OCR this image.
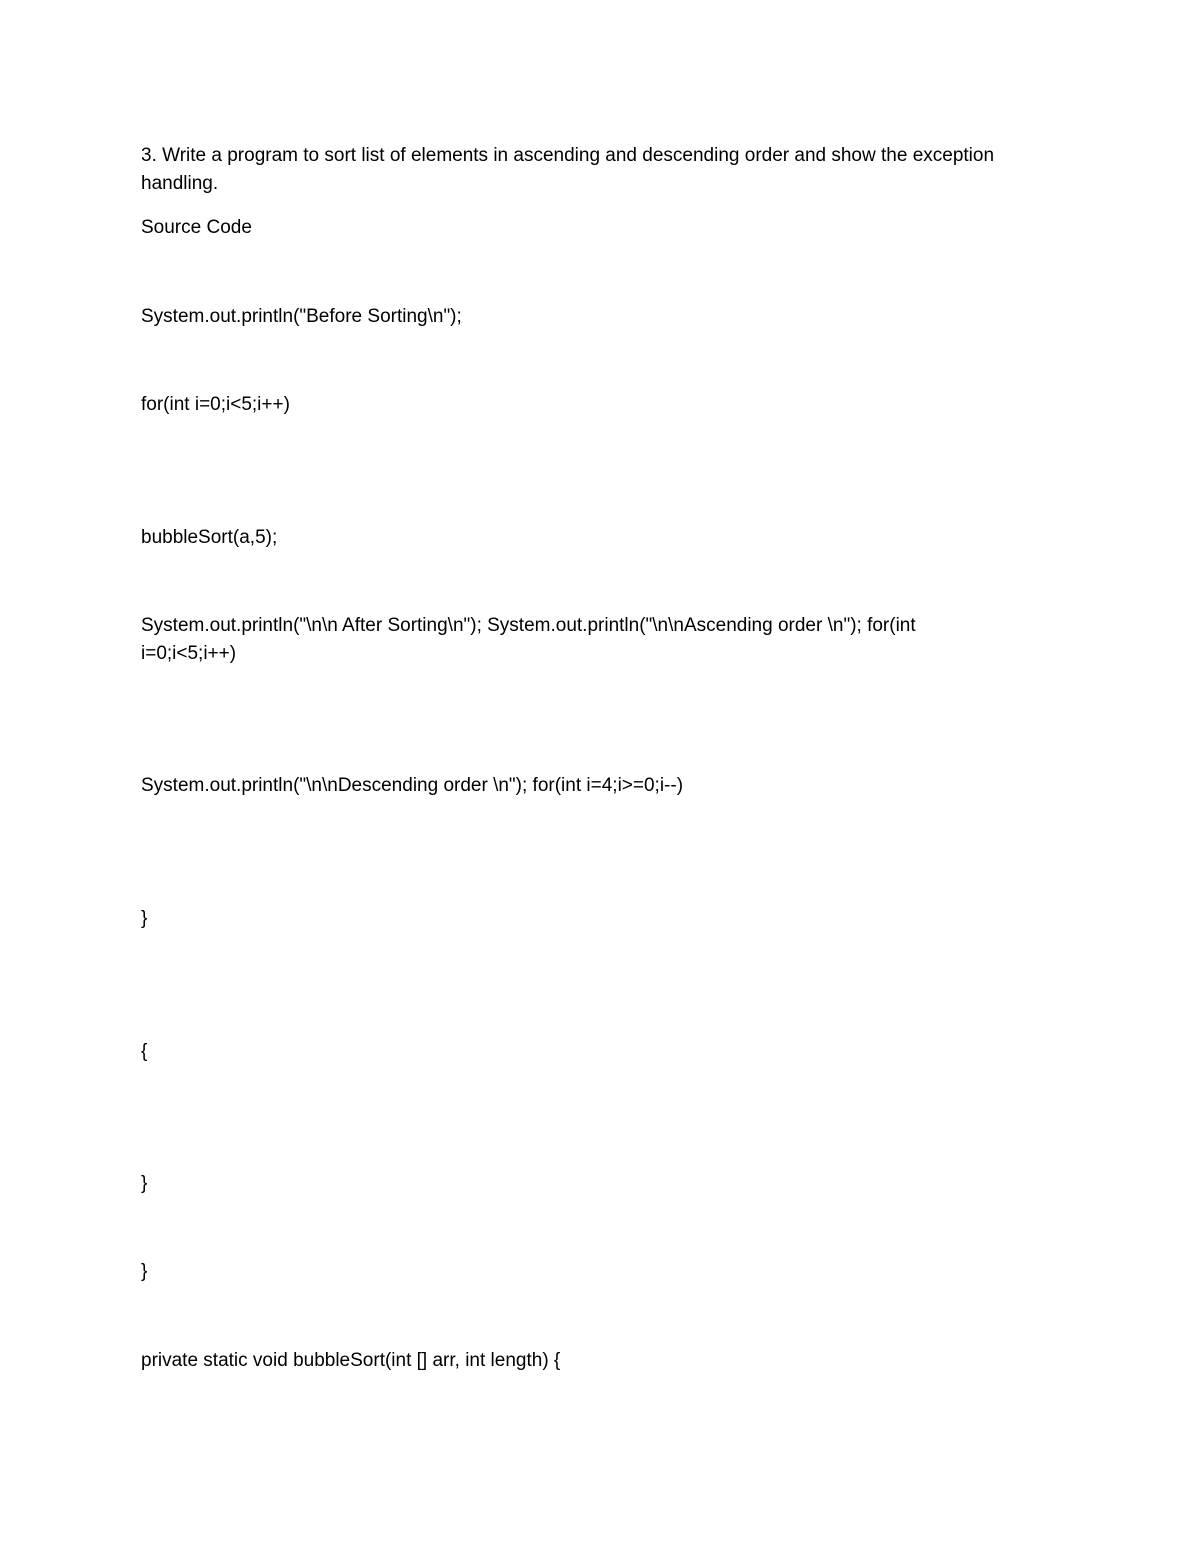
3. Write a program to sort list of elements in ascending and descending order and show the exception handling.

Source Code

System.out.println("Before Sorting\n");

for(int i=0;i<5;i++)

bubbleSort(a,5);

System.out.println("\n\n After Sorting\n"); System.out.println("\n\nAscending order \n"); for(int i=0;i<5;i++)

System.out.println("\n\nDescending order \n"); for(int i=4;i>=0;i--)

}

{

}

}

private static void bubbleSort(int [] arr, int length) {
